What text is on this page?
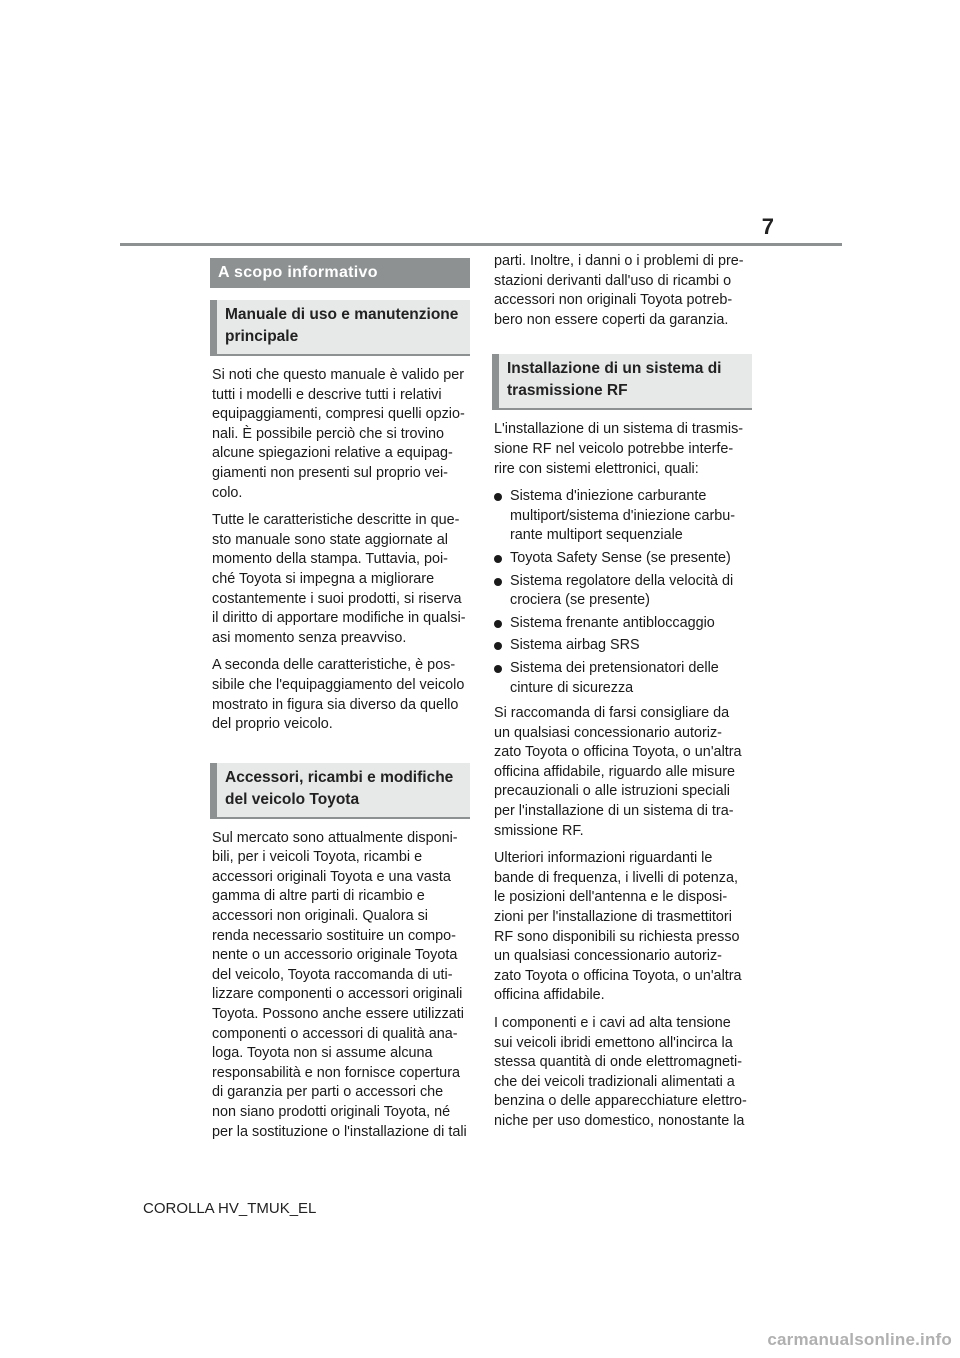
7
A scopo informativo
Manuale di uso e manutenzione
principale

Si noti che questo manuale è valido per
tutti i modelli e descrive tutti i relativi
equipaggiamenti, compresi quelli opzio-
nali. È possibile perciò che si trovino
alcune spiegazioni relative a equipag-
giamenti non presenti sul proprio vei-
colo.

Tutte le caratteristiche descritte in que-
sto manuale sono state aggiornate al
momento della stampa. Tuttavia, poi-
ché Toyota si impegna a migliorare
costantemente i suoi prodotti, si riserva
il diritto di apportare modifiche in qualsi-
asi momento senza preavviso.

A seconda delle caratteristiche, è pos-
sibile che l'equipaggiamento del veicolo
mostrato in figura sia diverso da quello
del proprio veicolo.

Accessori, ricambi e modifiche
del veicolo Toyota

Sul mercato sono attualmente disponi-
bili, per i veicoli Toyota, ricambi e
accessori originali Toyota e una vasta
gamma di altre parti di ricambio e
accessori non originali. Qualora si
renda necessario sostituire un compo-
nente o un accessorio originale Toyota
del veicolo, Toyota raccomanda di uti-
lizzare componenti o accessori originali
Toyota. Possono anche essere utilizzati
componenti o accessori di qualità ana-
loga. Toyota non si assume alcuna
responsabilità e non fornisce copertura
di garanzia per parti o accessori che
non siano prodotti originali Toyota, né
per la sostituzione o l'installazione di tali

parti. Inoltre, i danni o i problemi di pre-
stazioni derivanti dall'uso di ricambi o
accessori non originali Toyota potreb-
bero non essere coperti da garanzia.

Installazione di un sistema di
trasmissione RF

L'installazione di un sistema di trasmis-
sione RF nel veicolo potrebbe interfe-
rire con sistemi elettronici, quali:

Sistema d'iniezione carburante
multiport/sistema d'iniezione carbu-
rante multiport sequenziale
Toyota Safety Sense (se presente)
Sistema regolatore della velocità di
crociera (se presente)
Sistema frenante antibloccaggio
Sistema airbag SRS
Sistema dei pretensionatori delle
cinture di sicurezza

Si raccomanda di farsi consigliare da
un qualsiasi concessionario autoriz-
zato Toyota o officina Toyota, o un'altra
officina affidabile, riguardo alle misure
precauzionali o alle istruzioni speciali
per l'installazione di un sistema di tra-
smissione RF.

Ulteriori informazioni riguardanti le
bande di frequenza, i livelli di potenza,
le posizioni dell'antenna e le disposi-
zioni per l'installazione di trasmettitori
RF sono disponibili su richiesta presso
un qualsiasi concessionario autoriz-
zato Toyota o officina Toyota, o un'altra
officina affidabile.

I componenti e i cavi ad alta tensione
sui veicoli ibridi emettono all'incirca la
stessa quantità di onde elettromagneti-
che dei veicoli tradizionali alimentati a
benzina o delle apparecchiature elettro-
niche per uso domestico, nonostante la

COROLLA HV_TMUK_EL
carmanualsonline.info
